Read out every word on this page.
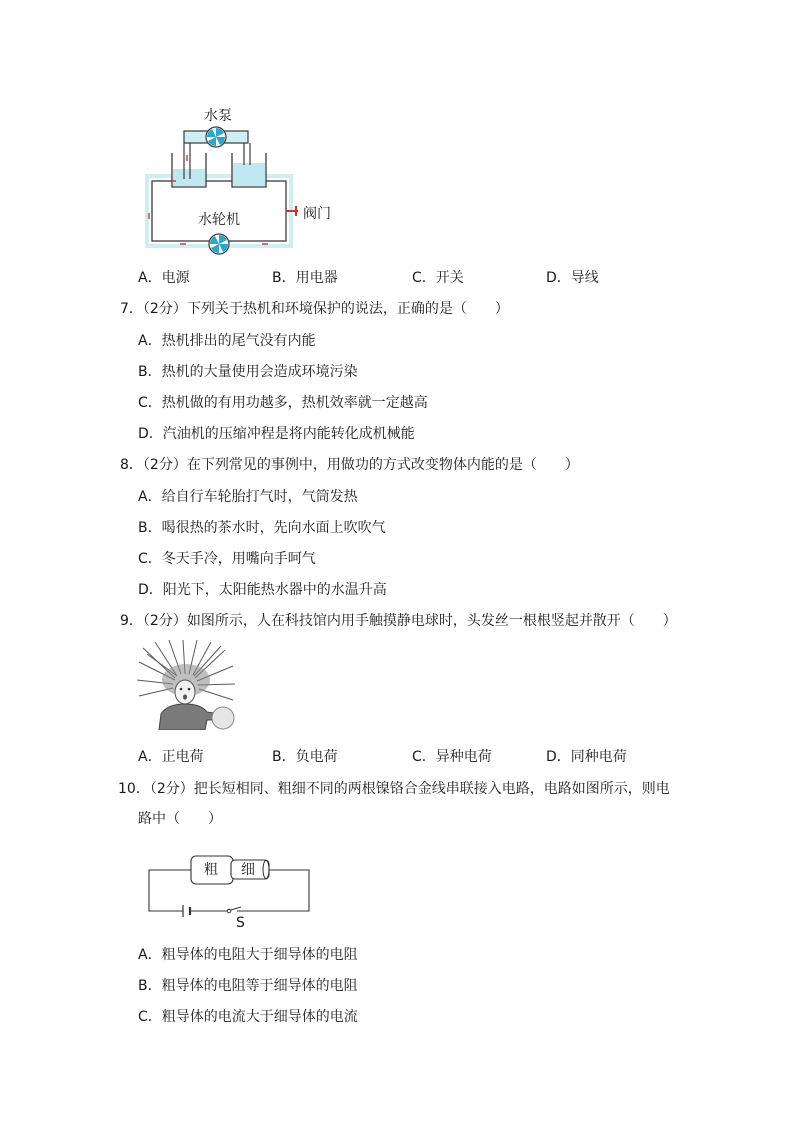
水泵
水轮机	阀门
A．电源	B．用电器	C．开关	D．导线
7．（2分）下列关于热机和环境保护的说法，正确的是（　　）
A．热机排出的尾气没有内能
B．热机的大量使用会造成环境污染
C．热机做的有用功越多，热机效率就一定越高
D．汽油机的压缩冲程是将内能转化成机械能
8．（2分）在下列常见的事例中，用做功的方式改变物体内能的是（　　）
A．给自行车轮胎打气时，气筒发热
B．喝很热的茶水时，先向水面上吹吹气
C．冬天手冷，用嘴向手呵气
D．阳光下，太阳能热水器中的水温升高
9．（2分）如图所示，人在科技馆内用手触摸静电球时，头发丝一根根竖起并散开（　　）
A．正电荷	B．负电荷	C．异种电荷	D．同种电荷
10．（2分）把长短相同、粗细不同的两根镍铬合金线串联接入电路，电路如图所示，则电
路中（　　）
粗 细
S
A．粗导体的电阻大于细导体的电阻
B．粗导体的电阻等于细导体的电阻
C．粗导体的电流大于细导体的电流
